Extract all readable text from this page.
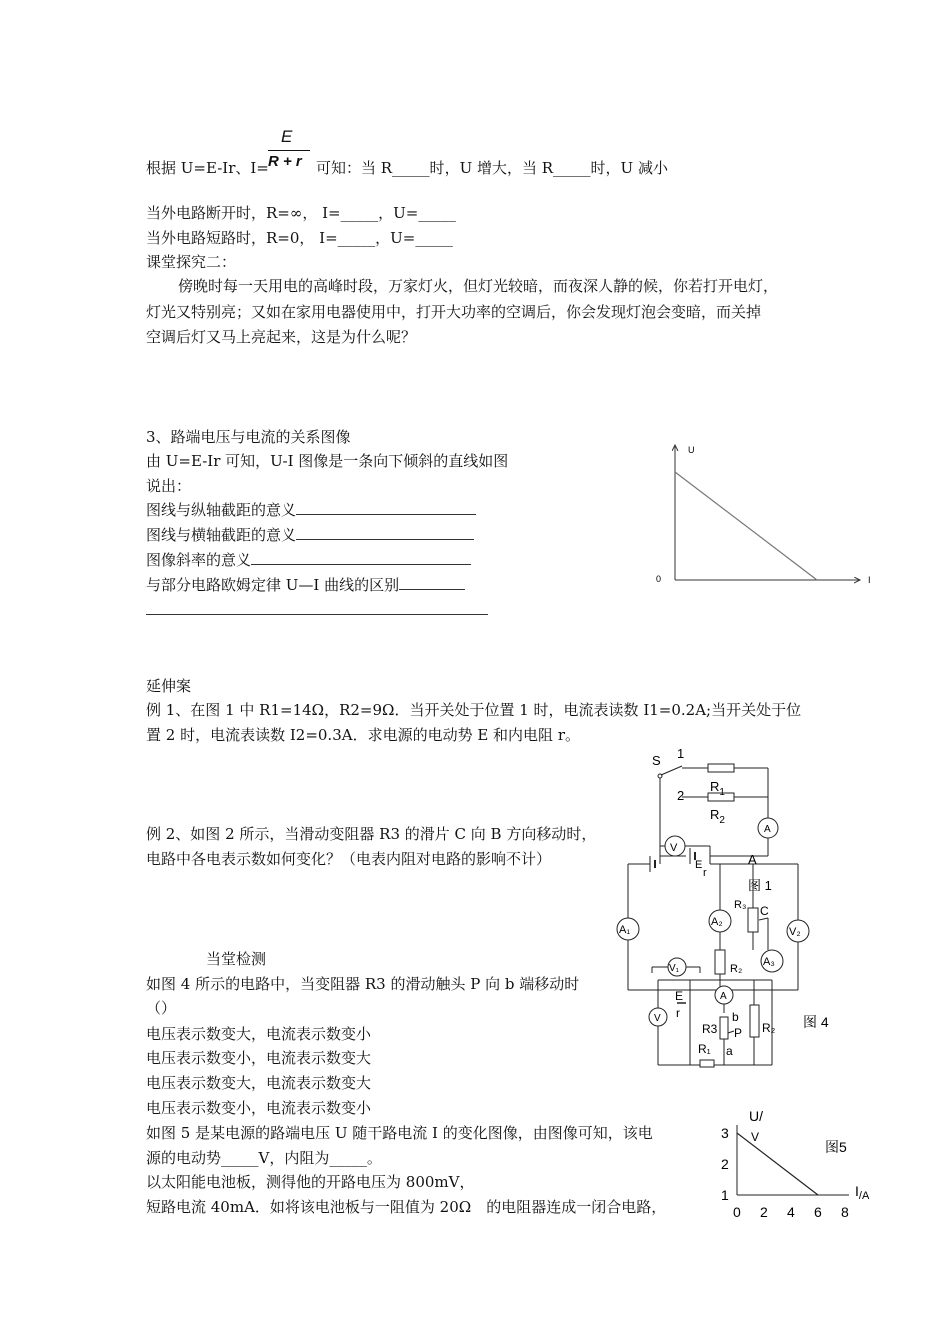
E
R + r
根据 U=E-Ir、I=	可知：当 R_____时，U 增大，当 R_____时，U 减小
当外电路断开时，R=∞， I=_____，U=_____
当外电路短路时，R=0， I=_____，U=_____
课堂探究二：
傍晚时每一天用电的高峰时段，万家灯火，但灯光较暗，而夜深人静的候，你若打开电灯，
灯光又特别亮；又如在家用电器使用中，打开大功率的空调后，你会发现灯泡会变暗，而关掉
空调后灯又马上亮起来，这是为什么呢？
3、路端电压与电流的关系图像
由 U=E-Ir 可知，U-I 图像是一条向下倾斜的直线如图
说出：
图线与纵轴截距的意义
图线与横轴截距的意义
图像斜率的意义
与部分电路欧姆定律 U—I 曲线的区别
U
0	I
延伸案
例 1、在图 1 中 R1=14Ω，R2=9Ω．当开关处于位置 1 时，电流表读数 I1=0.2A;当开关处于位
置 2 时，电流表读数 I2=0.3A．求电源的电动势 E 和内电阻 r。
例 2、如图 2 所示，当滑动变阻器 R3 的滑片 C 向 B 方向移动时，
电路中各电表示数如何变化？（电表内阻对电路的影响不计）
S 1
2
$R_1$
$R_2$
A
E
r
图 1
V
A
A₁	V₂
A₂
R₂
R₃ C
A₃
当堂检测
如图 4 所示的电路中，当变阻器 R3 的滑动触头 P 向 b 端移动时
（）
电压表示数变大，电流表示数变小
电压表示数变小，电流表示数变大
电压表示数变大，电流表示数变大
电压表示数变小，电流表示数变小
如图 5 是某电源的路端电压 U 随干路电流 I 的变化图像，由图像可知，该电
源的电动势_____V，内阻为_____。
以太阳能电池板，测得他的开路电压为 800mV，
短路电流 40mA．如将该电池板与一阻值为 20Ω　的电阻器连成一闭合电路，
V₁
V
E
r
A
R3
b
P
a
R₁
R₂ 图 4
U/
V
图5
$I_{/A}$
0 2 4 6 8
1
2
3
